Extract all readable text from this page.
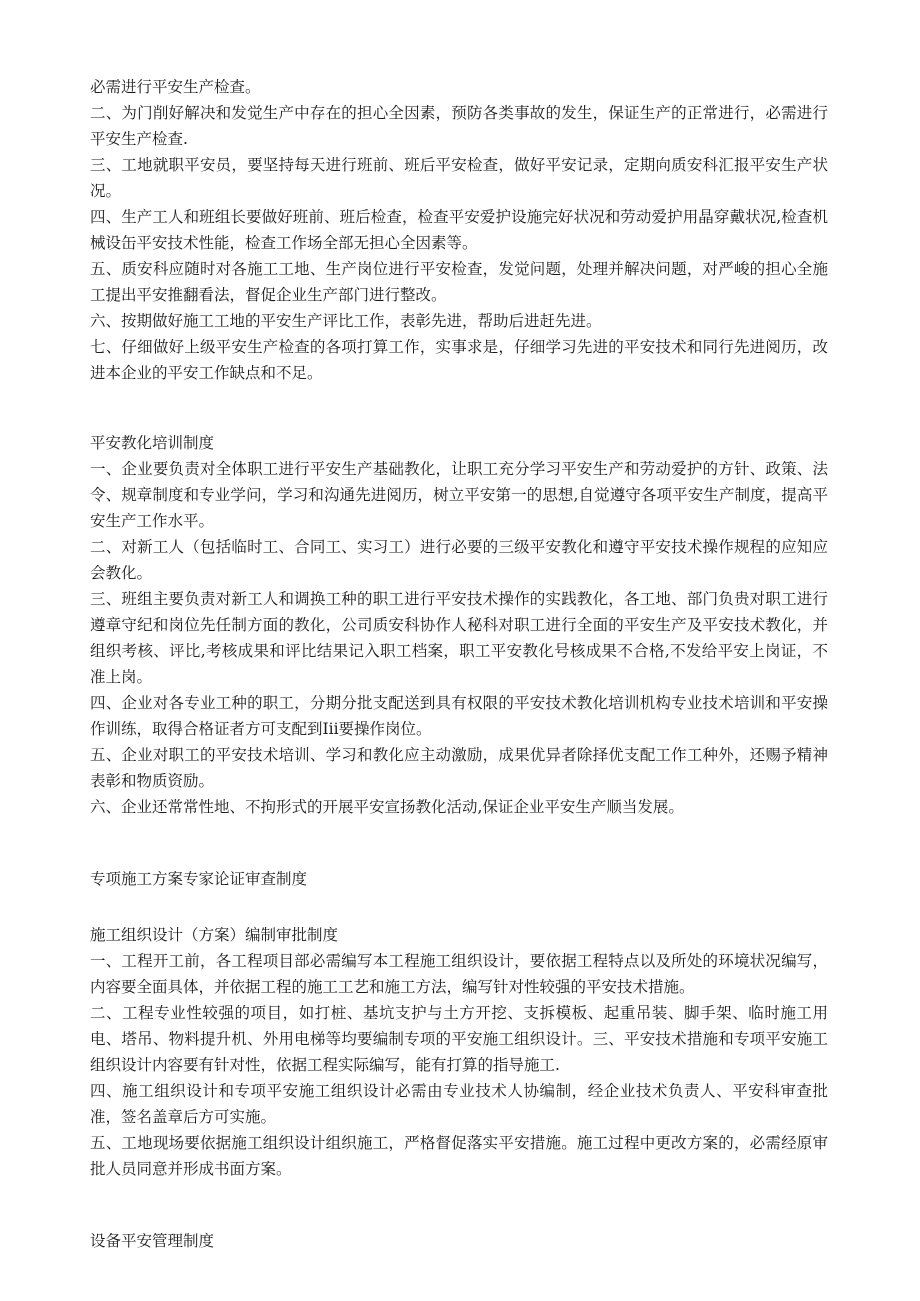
必需进行平安生产检查。

二、为门削好解决和发觉生产中存在的担心全因素，预防各类事故的发生，保证生产的正常进行，必需进行平安生产检查.

三、工地就职平安员，要坚持每天进行班前、班后平安检查，做好平安记录，定期向质安科汇报平安生产状况。

四、生产工人和班组长要做好班前、班后检查，检查平安爱护设施完好状况和劳动爱护用晶穿戴状况,检查机械设缶平安技术性能，检查工作场全部无担心全因素等。

五、质安科应随时对各施工工地、生产岗位进行平安检查，发觉问题，处理并解决问题，对严峻的担心全施工提出平安推翻看法，督促企业生产部门进行整改。

六、按期做好施工工地的平安生产评比工作，表彰先进，帮助后进赶先进。

七、仔细做好上级平安生产检查的各项打算工作，实事求是，仔细学习先进的平安技术和同行先进阅历，改进本企业的平安工作缺点和不足。

平安教化培训制度

一、企业要负责对全体职工进行平安生产基础教化，让职工充分学习平安生产和劳动爱护的方针、政策、法令、规章制度和专业学问，学习和沟通先进阅历，树立平安第一的思想,自觉遵守各项平安生产制度，提高平安生产工作水平。

二、对新工人（包括临时工、合同工、实习工）进行必要的三级平安教化和遵守平安技术操作规程的应知应会教化。

三、班组主要负责对新工人和调换工种的职工进行平安技术操作的实践教化，各工地、部门负贵对职工进行遵章守纪和岗位先任制方面的教化，公司质安科协作人秘科对职工进行全面的平安生产及平安技术教化，并组织考核、评比,考核成果和评比结果记入职工档案，职工平安教化号核成果不合格,不发给平安上岗证，不准上岗。

四、企业对各专业工种的职工，分期分批支配送到具有权限的平安技术教化培训机构专业技术培训和平安操作训练，取得合格证者方可支配到Iii要操作岗位。

五、企业对职工的平安技术培训、学习和教化应主动激励，成果优异者除择优支配工作工种外，还赐予精神表彰和物质资励。

六、企业还常常性地、不拘形式的开展平安宣扬教化活动,保证企业平安生产顺当发展。

专项施工方案专家论证审查制度

施工组织设计（方案）编制审批制度

一、工程开工前，各工程项目部必需编写本工程施工组织设计，要依据工程特点以及所处的环境状况编写，内容要全面具体，并依据工程的施工工艺和施工方法，编写针对性较强的平安技术措施。

二、工程专业性较强的项目，如打桩、基坑支护与土方开挖、支拆模板、起重吊装、脚手架、临时施工用电、塔吊、物料提升机、外用电梯等均要编制专项的平安施工组织设计。三、平安技术措施和专项平安施工组织设计内容要有针对性，依据工程实际编写，能有打算的指导施工.

四、施工组织设计和专项平安施工组织设计必需由专业技术人协编制，经企业技术负责人、平安科审查批准，签名盖章后方可实施。

五、工地现场要依据施工组织设计组织施工，严格督促落实平安措施。施工过程中更改方案的，必需经原审批人员同意并形成书面方案。

设备平安管理制度
